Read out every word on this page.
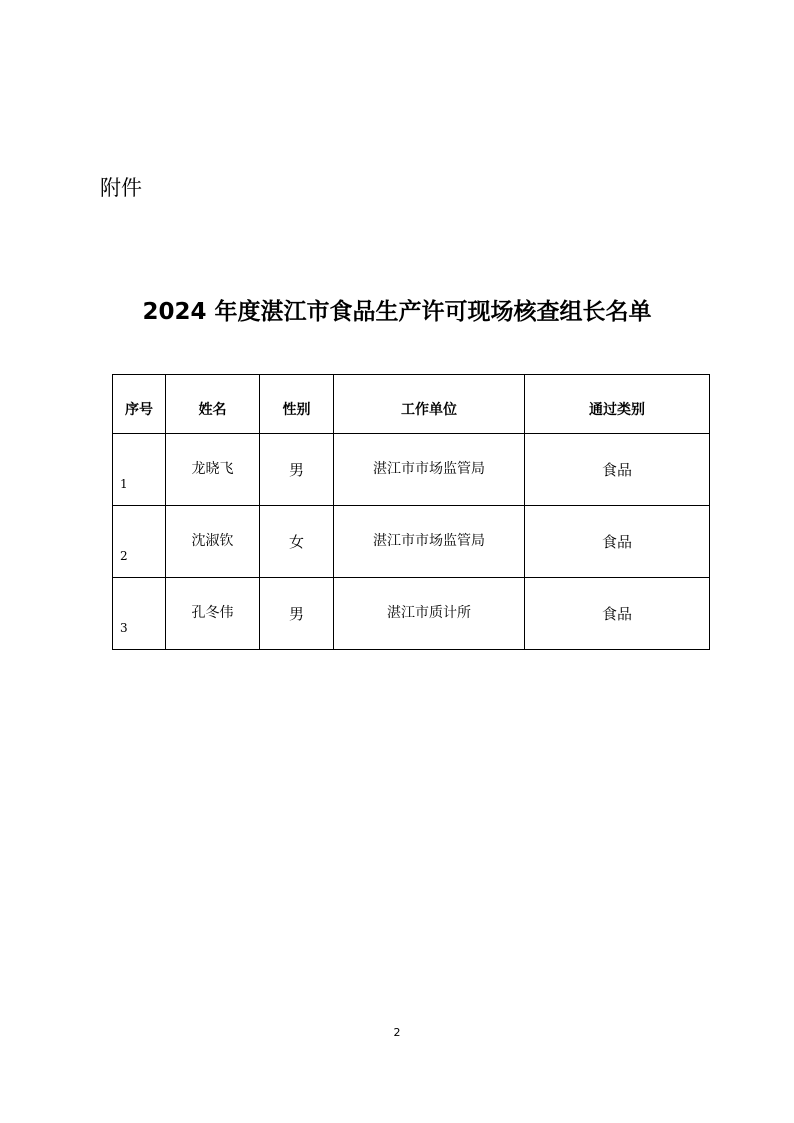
附件
2024 年度湛江市食品生产许可现场核查组长名单
序号	姓名	性别	工作单位	通过类别
1	龙晓飞	男	湛江市市场监管局	食品
2	沈淑钦	女	湛江市市场监管局	食品
3	孔冬伟	男	湛江市质计所	食品
2
